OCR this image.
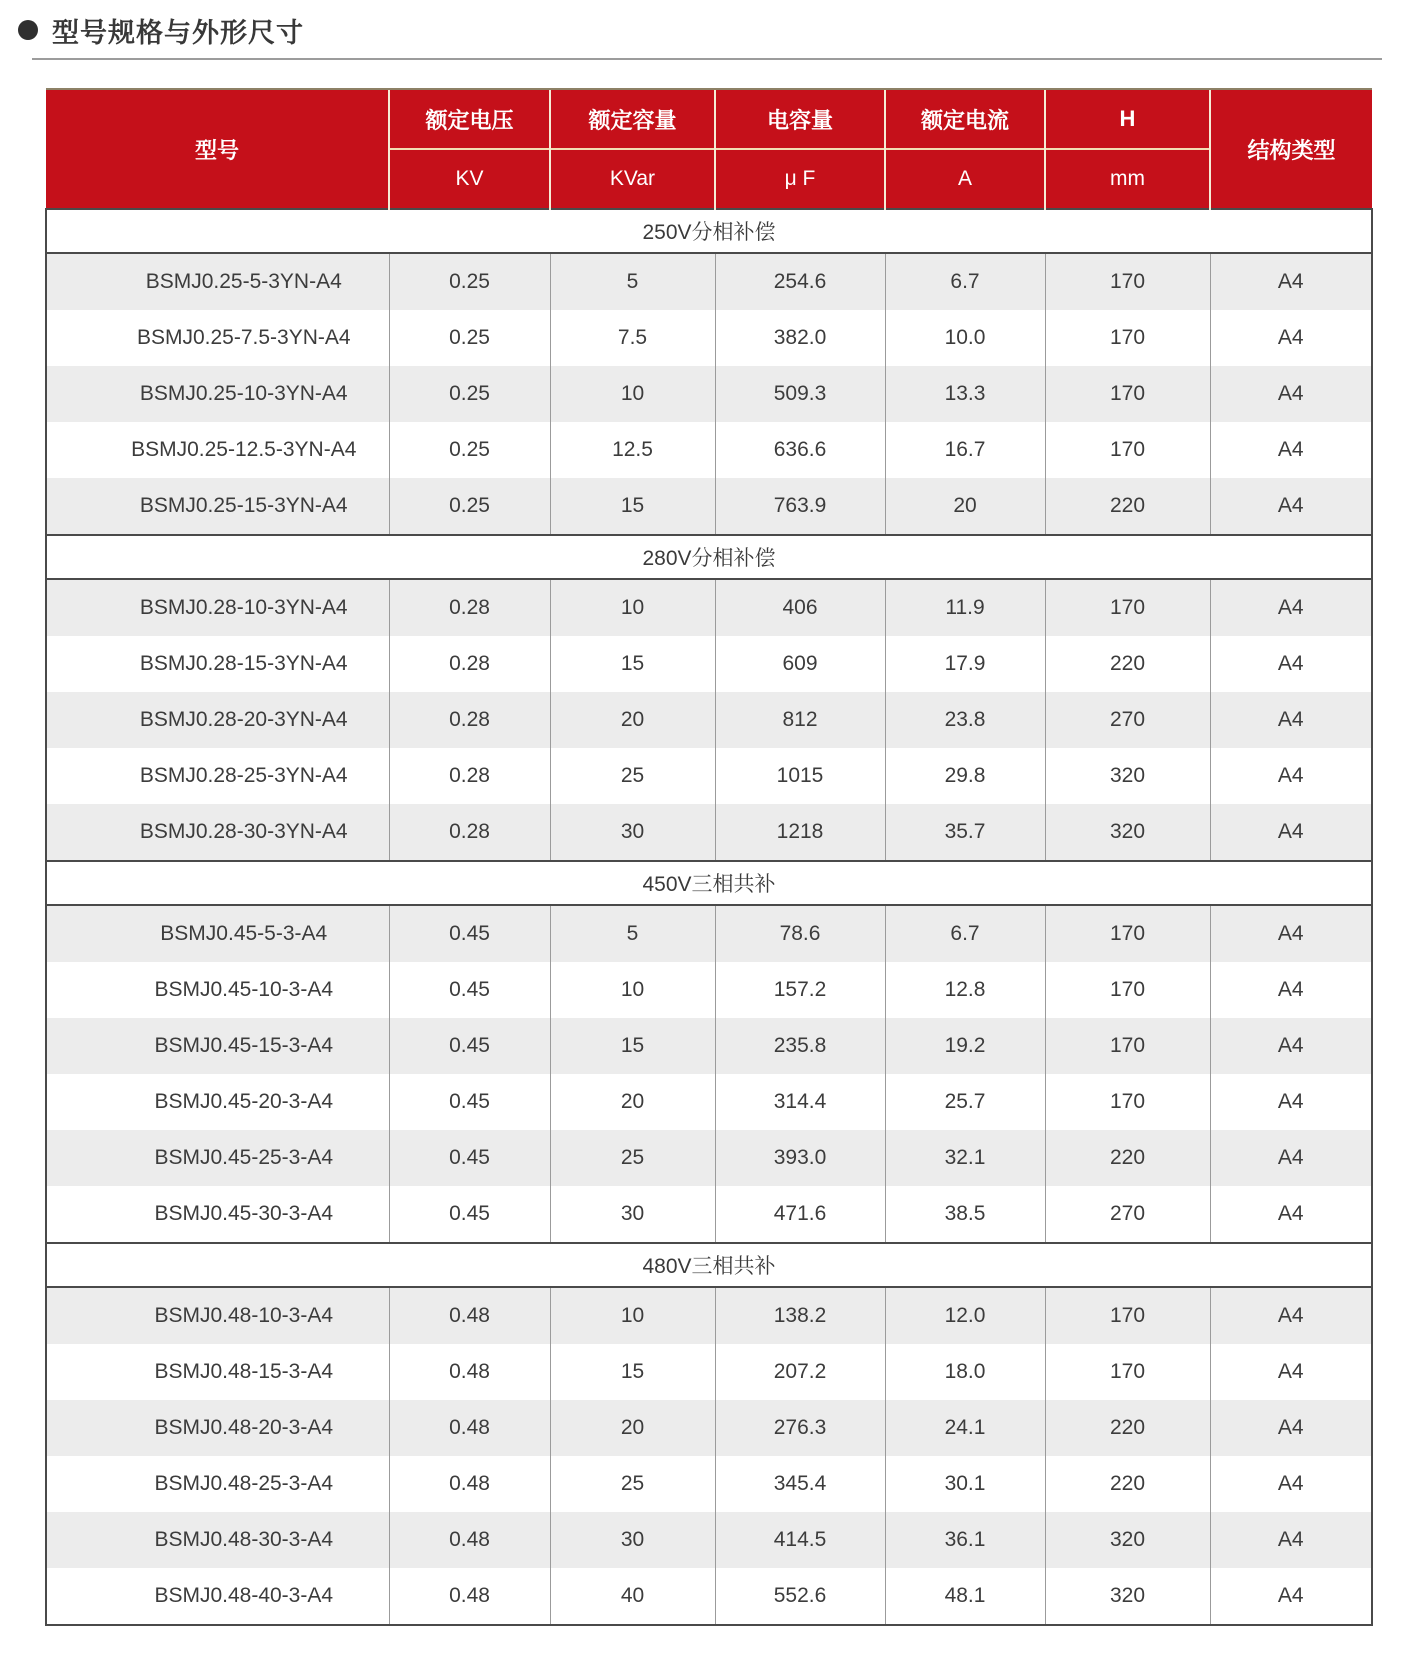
型号规格与外形尺寸
型号	额定电压	额定容量	电容量	额定电流	H	结构类型
	KV	KVar	μ F	A	mm	
250V分相补偿						
BSMJ0.25-5-3YN-A4	0.25	5	254.6	6.7	170	A4
BSMJ0.25-7.5-3YN-A4	0.25	7.5	382.0	10.0	170	A4
BSMJ0.25-10-3YN-A4	0.25	10	509.3	13.3	170	A4
BSMJ0.25-12.5-3YN-A4	0.25	12.5	636.6	16.7	170	A4
BSMJ0.25-15-3YN-A4	0.25	15	763.9	20	220	A4
280V分相补偿						
BSMJ0.28-10-3YN-A4	0.28	10	406	11.9	170	A4
BSMJ0.28-15-3YN-A4	0.28	15	609	17.9	220	A4
BSMJ0.28-20-3YN-A4	0.28	20	812	23.8	270	A4
BSMJ0.28-25-3YN-A4	0.28	25	1015	29.8	320	A4
BSMJ0.28-30-3YN-A4	0.28	30	1218	35.7	320	A4
450V三相共补						
BSMJ0.45-5-3-A4	0.45	5	78.6	6.7	170	A4
BSMJ0.45-10-3-A4	0.45	10	157.2	12.8	170	A4
BSMJ0.45-15-3-A4	0.45	15	235.8	19.2	170	A4
BSMJ0.45-20-3-A4	0.45	20	314.4	25.7	170	A4
BSMJ0.45-25-3-A4	0.45	25	393.0	32.1	220	A4
BSMJ0.45-30-3-A4	0.45	30	471.6	38.5	270	A4
480V三相共补						
BSMJ0.48-10-3-A4	0.48	10	138.2	12.0	170	A4
BSMJ0.48-15-3-A4	0.48	15	207.2	18.0	170	A4
BSMJ0.48-20-3-A4	0.48	20	276.3	24.1	220	A4
BSMJ0.48-25-3-A4	0.48	25	345.4	30.1	220	A4
BSMJ0.48-30-3-A4	0.48	30	414.5	36.1	320	A4
BSMJ0.48-40-3-A4	0.48	40	552.6	48.1	320	A4
